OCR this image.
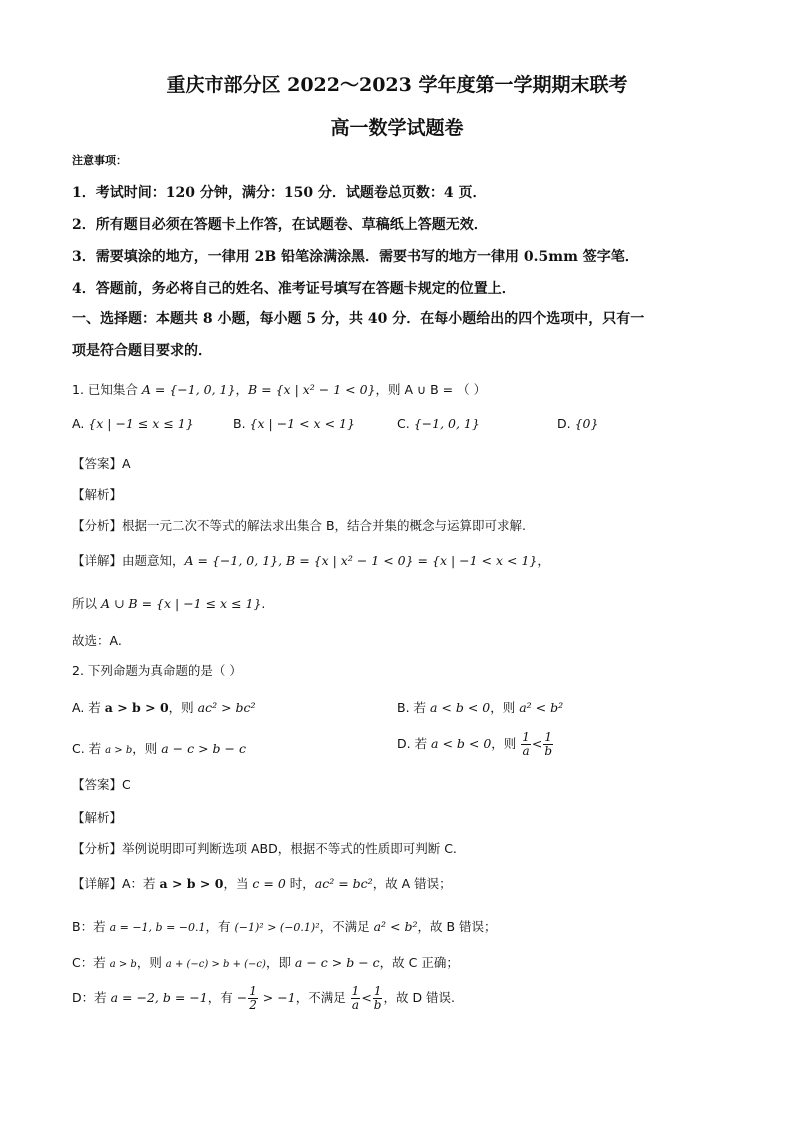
重庆市部分区 2022～2023 学年度第一学期期末联考
高一数学试题卷
注意事项：
1．考试时间：120 分钟，满分：150 分．试题卷总页数：4 页．
2．所有题目必须在答题卡上作答，在试题卷、草稿纸上答题无效．
3．需要填涂的地方，一律用 2B 铅笔涂满涂黑．需要书写的地方一律用 0.5mm 签字笔．
4．答题前，务必将自己的姓名、准考证号填写在答题卡规定的位置上．
一、选择题：本题共 8 小题，每小题 5 分，共 40 分．在每小题给出的四个选项中，只有一
项是符合题目要求的．
1. 已知集合 A = {−1, 0, 1}，B = {x | x² − 1 < 0}，则 A ∪ B = （ ）
A. {x | −1 ≤ x ≤ 1}	B. {x | −1 < x < 1}	C. {−1, 0, 1}	D. {0}
【答案】A
【解析】
【分析】根据一元二次不等式的解法求出集合 B，结合并集的概念与运算即可求解.
【详解】由题意知，A = {−1, 0, 1}, B = {x | x² − 1 < 0} = {x | −1 < x < 1}，
所以 A ∪ B = {x | −1 ≤ x ≤ 1}.
故选：A.
2. 下列命题为真命题的是（ ）
A. 若 a > b > 0，则 ac² > bc²	B. 若 a < b < 0，则 a² < b²
C. 若 a > b，则 a − c > b − c	D. 若 a < b < 0，则 $\frac{1}{a} < \frac{1}{b}$
【答案】C
【解析】
【分析】举例说明即可判断选项 ABD，根据不等式的性质即可判断 C.
【详解】A：若 a > b > 0，当 c = 0 时，ac² = bc²，故 A 错误；
B：若 a = −1, b = −0.1，有 (−1)² > (−0.1)²，不满足 a² < b²，故 B 错误；
C：若 a > b，则 a + (−c) > b + (−c)，即 a − c > b − c，故 C 正确；
D：若 a = −2, b = −1，有 − $\frac{1}{2} > -1$，不满足 $\frac{1}{a} < \frac{1}{b}$ ，故 D 错误.
